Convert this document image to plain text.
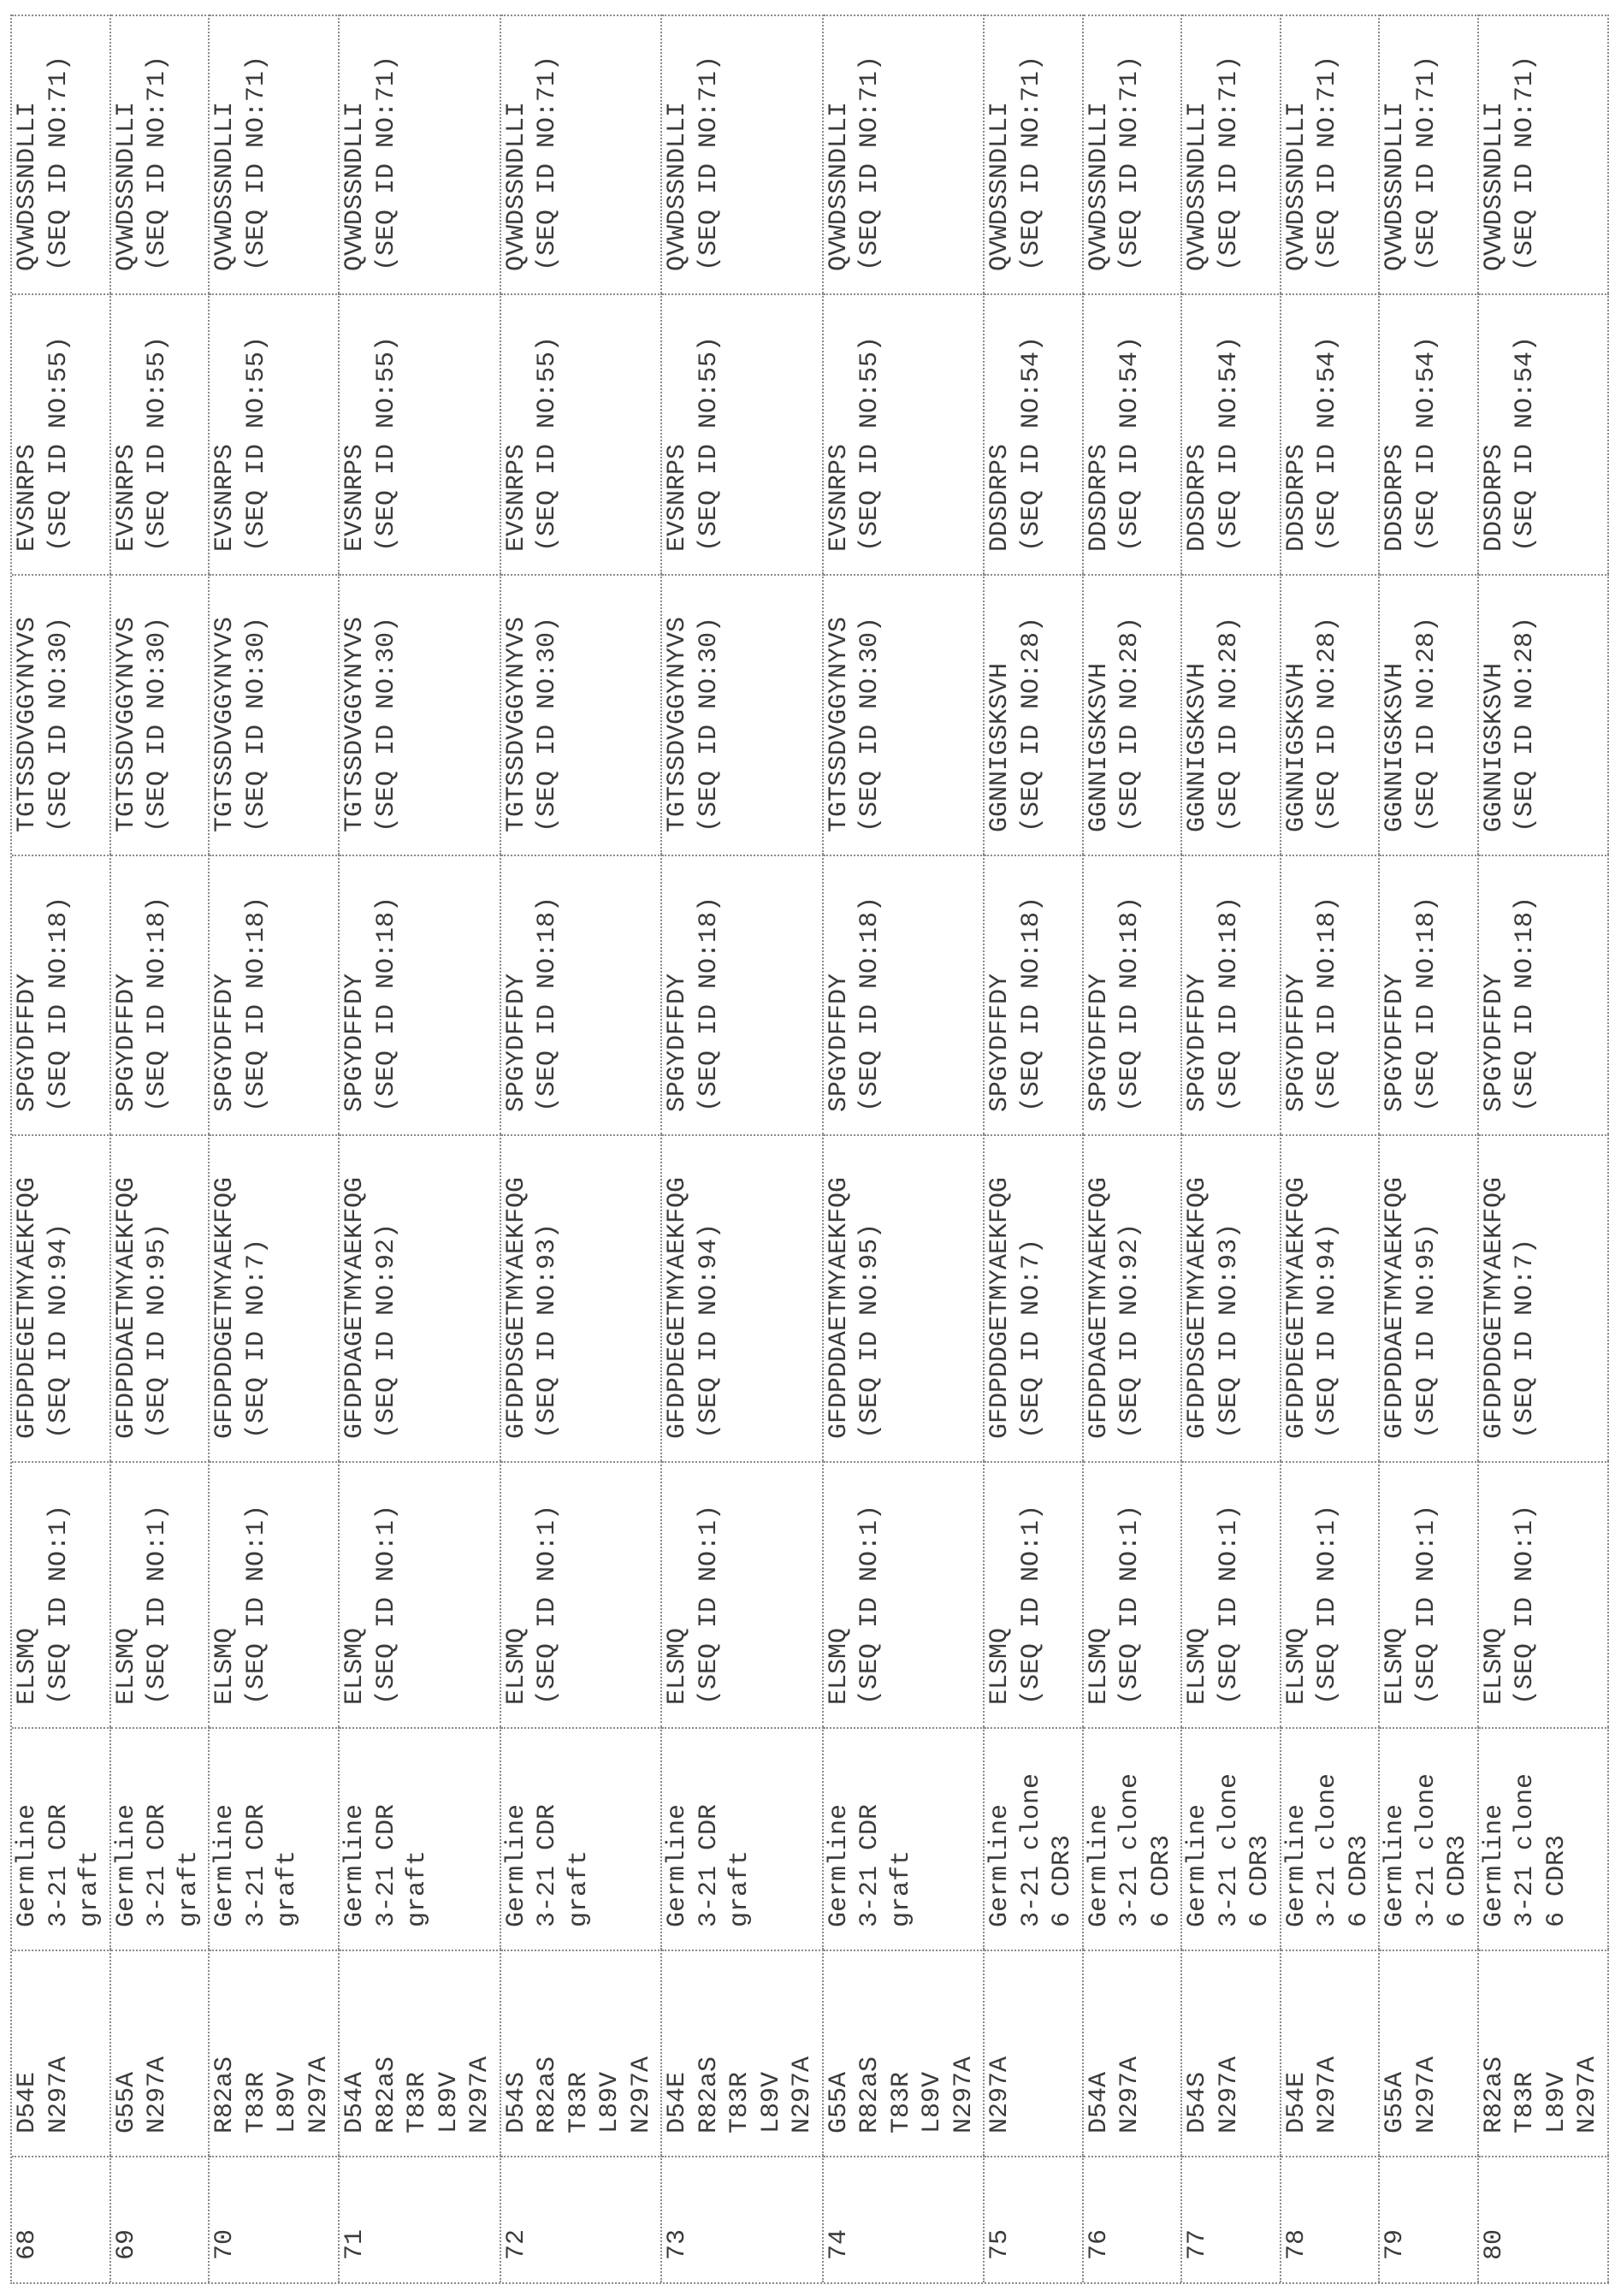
68
D54E
N297A
Germline
3-21 CDR
graft
ELSMQ (SEQ ID NO:1)
GFDPDEGETMYAEKFQG (SEQ ID NO:94)
SPGYDFFDY (SEQ ID NO:18)
TGTSSDVGGYNYVS (SEQ ID NO:30)
EVSNRPS (SEQ ID NO:55)
QVWDSSNDLLI (SEQ ID NO:71)
69
G55A
N297A
Germline
3-21 CDR
graft
ELSMQ (SEQ ID NO:1)
GFDPDDAETMYAEKFQG (SEQ ID NO:95)
SPGYDFFDY (SEQ ID NO:18)
TGTSSDVGGYNYVS (SEQ ID NO:30)
EVSNRPS (SEQ ID NO:55)
QVWDSSNDLLI (SEQ ID NO:71)
70
R82aS
T83R
L89V
N297A
Germline
3-21 CDR
graft
ELSMQ (SEQ ID NO:1)
GFDPDDGETMYAEKFQG (SEQ ID NO:7)
SPGYDFFDY (SEQ ID NO:18)
TGTSSDVGGYNYVS (SEQ ID NO:30)
EVSNRPS (SEQ ID NO:55)
QVWDSSNDLLI (SEQ ID NO:71)
71
D54A
R82aS
T83R
L89V
N297A
Germline
3-21 CDR
graft
ELSMQ (SEQ ID NO:1)
GFDPDAGETMYAEKFQG (SEQ ID NO:92)
SPGYDFFDY (SEQ ID NO:18)
TGTSSDVGGYNYVS (SEQ ID NO:30)
EVSNRPS (SEQ ID NO:55)
QVWDSSNDLLI (SEQ ID NO:71)
72
D54S
R82aS
T83R
L89V
N297A
Germline
3-21 CDR
graft
ELSMQ (SEQ ID NO:1)
GFDPDSGETMYAEKFQG (SEQ ID NO:93)
SPGYDFFDY (SEQ ID NO:18)
TGTSSDVGGYNYVS (SEQ ID NO:30)
EVSNRPS (SEQ ID NO:55)
QVWDSSNDLLI (SEQ ID NO:71)
73
D54E
R82aS
T83R
L89V
N297A
Germline
3-21 CDR
graft
ELSMQ (SEQ ID NO:1)
GFDPDEGETMYAEKFQG (SEQ ID NO:94)
SPGYDFFDY (SEQ ID NO:18)
TGTSSDVGGYNYVS (SEQ ID NO:30)
EVSNRPS (SEQ ID NO:55)
QVWDSSNDLLI (SEQ ID NO:71)
74
G55A
R82aS
T83R
L89V
N297A
Germline
3-21 CDR
graft
ELSMQ (SEQ ID NO:1)
GFDPDDAETMYAEKFQG (SEQ ID NO:95)
SPGYDFFDY (SEQ ID NO:18)
TGTSSDVGGYNYVS (SEQ ID NO:30)
EVSNRPS (SEQ ID NO:55)
QVWDSSNDLLI (SEQ ID NO:71)
75
N297A
Germline
3-21 clone
6 CDR3
ELSMQ (SEQ ID NO:1)
GFDPDDGETMYAEKFQG (SEQ ID NO:7)
SPGYDFFDY (SEQ ID NO:18)
GGNNIGSKSVH (SEQ ID NO:28)
DDSDRPS (SEQ ID NO:54)
QVWDSSNDLLI (SEQ ID NO:71)
76
D54A
N297A
Germline
3-21 clone
6 CDR3
ELSMQ (SEQ ID NO:1)
GFDPDAGETMYAEKFQG (SEQ ID NO:92)
SPGYDFFDY (SEQ ID NO:18)
GGNNIGSKSVH (SEQ ID NO:28)
DDSDRPS (SEQ ID NO:54)
QVWDSSNDLLI (SEQ ID NO:71)
77
D54S
N297A
Germline
3-21 clone
6 CDR3
ELSMQ (SEQ ID NO:1)
GFDPDSGETMYAEKFQG (SEQ ID NO:93)
SPGYDFFDY (SEQ ID NO:18)
GGNNIGSKSVH (SEQ ID NO:28)
DDSDRPS (SEQ ID NO:54)
QVWDSSNDLLI (SEQ ID NO:71)
78
D54E
N297A
Germline
3-21 clone
6 CDR3
ELSMQ (SEQ ID NO:1)
GFDPDEGETMYAEKFQG (SEQ ID NO:94)
SPGYDFFDY (SEQ ID NO:18)
GGNNIGSKSVH (SEQ ID NO:28)
DDSDRPS (SEQ ID NO:54)
QVWDSSNDLLI (SEQ ID NO:71)
79
G55A
N297A
Germline
3-21 clone
6 CDR3
ELSMQ (SEQ ID NO:1)
GFDPDDAETMYAEKFQG (SEQ ID NO:95)
SPGYDFFDY (SEQ ID NO:18)
GGNNIGSKSVH (SEQ ID NO:28)
DDSDRPS (SEQ ID NO:54)
QVWDSSNDLLI (SEQ ID NO:71)
80
R82aS
T83R
L89V
N297A
Germline
3-21 clone
6 CDR3
ELSMQ (SEQ ID NO:1)
GFDPDDGETMYAEKFQG (SEQ ID NO:7)
SPGYDFFDY (SEQ ID NO:18)
GGNNIGSKSVH (SEQ ID NO:28)
DDSDRPS (SEQ ID NO:54)
QVWDSSNDLLI (SEQ ID NO:71)
